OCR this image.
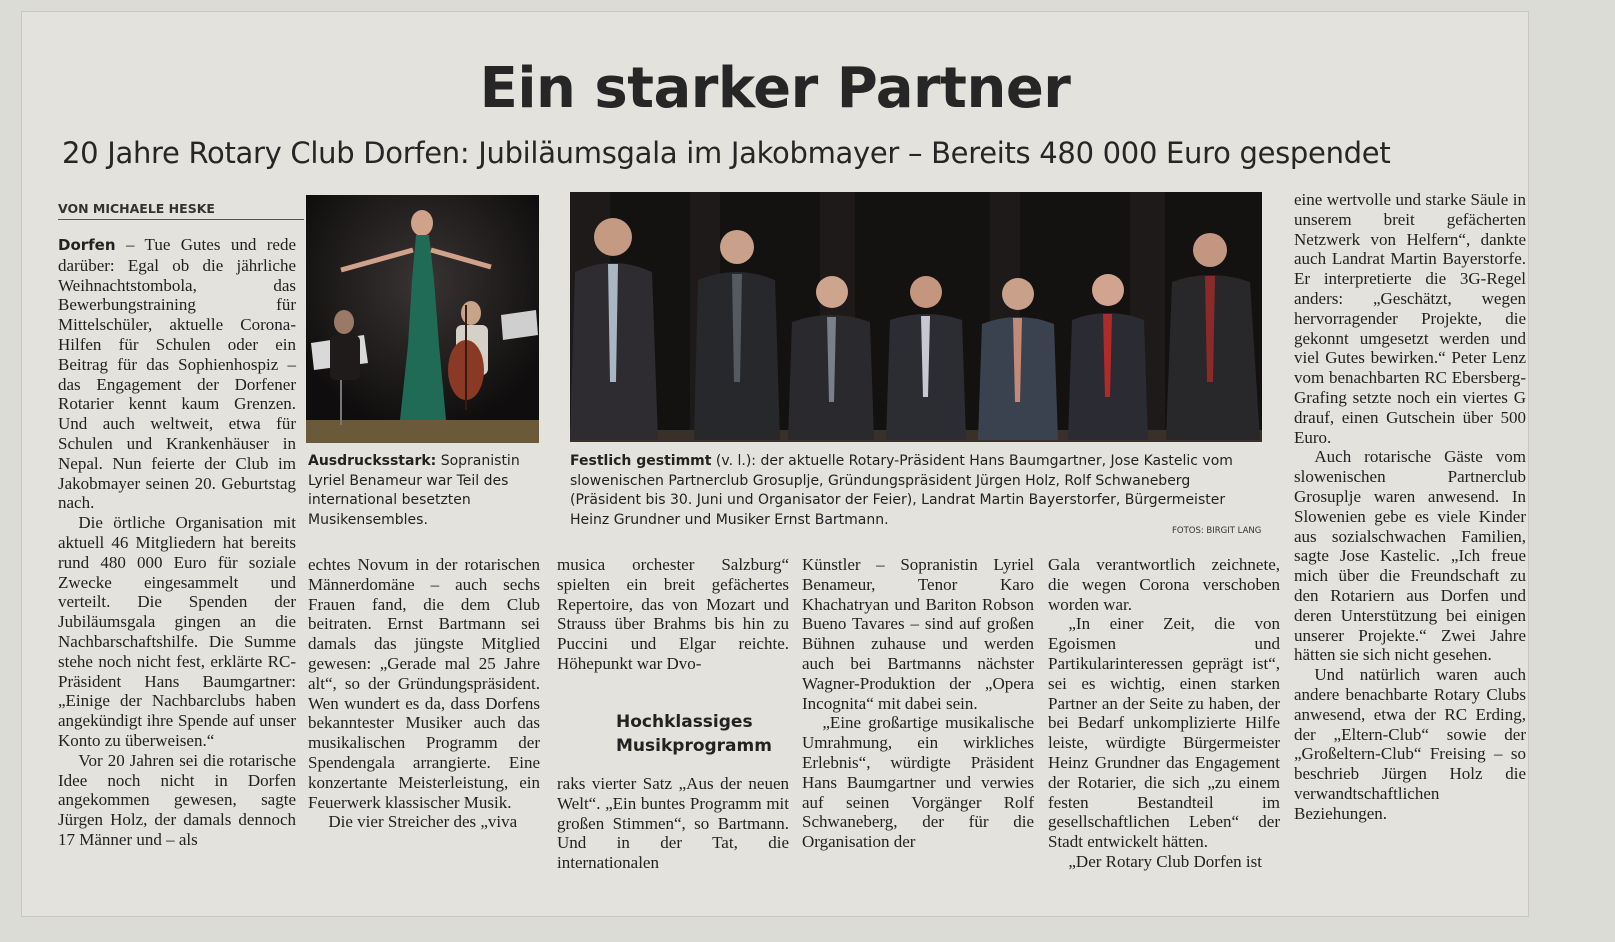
Ein starker Partner
20 Jahre Rotary Club Dorfen: Jubiläumsgala im Jakobmayer – Bereits 480 000 Euro gespendet
VON MICHAELE HESKE
Ausdrucksstark: Sopranistin Lyriel Benameur war Teil des international besetzten Musikensembles.
Festlich gestimmt (v. l.): der aktuelle Rotary-Präsident Hans Baumgartner, Jose Kastelic vom slowenischen Partnerclub Grosuplje, Gründungspräsident Jürgen Holz, Rolf Schwaneberg (Präsident bis 30. Juni und Organisator der Feier), Landrat Martin Bayerstorfer, Bürgermeister Heinz Grundner und Musiker Ernst Bartmann.
FOTOS: BIRGIT LANG

Dorfen – Tue Gutes und rede darüber: Egal ob die jährliche Weihnachtstombola, das Bewerbungstraining für Mittelschüler, aktuelle Corona-Hilfen für Schulen oder ein Beitrag für das Sophienhospiz – das Engagement der Dorfener Rotarier kennt kaum Grenzen. Und auch weltweit, etwa für Schulen und Krankenhäuser in Nepal. Nun feierte der Club im Jakobmayer seinen 20. Geburtstag nach.

Die örtliche Organisation mit aktuell 46 Mitgliedern hat bereits rund 480 000 Euro für soziale Zwecke eingesammelt und verteilt. Die Spenden der Jubiläumsgala gingen an die Nachbarschaftshilfe. Die Summe stehe noch nicht fest, erklärte RC-Präsident Hans Baumgartner: „Einige der Nachbarclubs haben angekündigt ihre Spende auf unser Konto zu überweisen.“

Vor 20 Jahren sei die rotarische Idee noch nicht in Dorfen angekommen gewesen, sagte Jürgen Holz, der damals dennoch 17 Männer und – als

echtes Novum in der rotarischen Männerdomäne – auch sechs Frauen fand, die dem Club beitraten. Ernst Bartmann sei damals das jüngste Mitglied gewesen: „Gerade mal 25 Jahre alt“, so der Gründungspräsident. Wen wundert es da, dass Dorfens bekanntester Musiker auch das musikalischen Programm der Spendengala arrangierte. Eine konzertante Meisterleistung, ein Feuerwerk klassischer Musik.

Die vier Streicher des „viva

musica orchester Salzburg“ spielten ein breit gefächertes Repertoire, das von Mozart und Strauss über Brahms bis hin zu Puccini und Elgar reichte. Höhepunkt war Dvo-

Hochklassiges Musikprogramm

raks vierter Satz „Aus der neuen Welt“. „Ein buntes Programm mit großen Stimmen“, so Bartmann. Und in der Tat, die internationalen

Künstler – Sopranistin Lyriel Benameur, Tenor Karo Khachatryan und Bariton Robson Bueno Tavares – sind auf großen Bühnen zuhause und werden auch bei Bartmanns nächster Wagner-Produktion der „Opera Incognita“ mit dabei sein.

„Eine großartige musikalische Umrahmung, ein wirkliches Erlebnis“, würdigte Präsident Hans Baumgartner und verwies auf seinen Vorgänger Rolf Schwaneberg, der für die Organisation der

Gala verantwortlich zeichnete, die wegen Corona verschoben worden war.

„In einer Zeit, die von Egoismen und Partikularinteressen geprägt ist“, sei es wichtig, einen starken Partner an der Seite zu haben, der bei Bedarf unkomplizierte Hilfe leiste, würdigte Bürgermeister Heinz Grundner das Engagement der Rotarier, die sich „zu einem festen Bestandteil im gesellschaftlichen Leben“ der Stadt entwickelt hätten.

„Der Rotary Club Dorfen ist

eine wertvolle und starke Säule in unserem breit gefächerten Netzwerk von Helfern“, dankte auch Landrat Martin Bayerstorfe. Er interpretierte die 3G-Regel anders: „Geschätzt, wegen hervorragender Projekte, die gekonnt umgesetzt werden und viel Gutes bewirken.“ Peter Lenz vom benachbarten RC Ebersberg-Grafing setzte noch ein viertes G drauf, einen Gutschein über 500 Euro.

Auch rotarische Gäste vom slowenischen Partnerclub Grosuplje waren anwesend. In Slowenien gebe es viele Kinder aus sozialschwachen Familien, sagte Jose Kastelic. „Ich freue mich über die Freundschaft zu den Rotariern aus Dorfen und deren Unterstützung bei einigen unserer Projekte.“ Zwei Jahre hätten sie sich nicht gesehen.

Und natürlich waren auch andere benachbarte Rotary Clubs anwesend, etwa der RC Erding, der „Eltern-Club“ sowie der „Großeltern-Club“ Freising – so beschrieb Jürgen Holz die verwandtschaftlichen Beziehungen.
